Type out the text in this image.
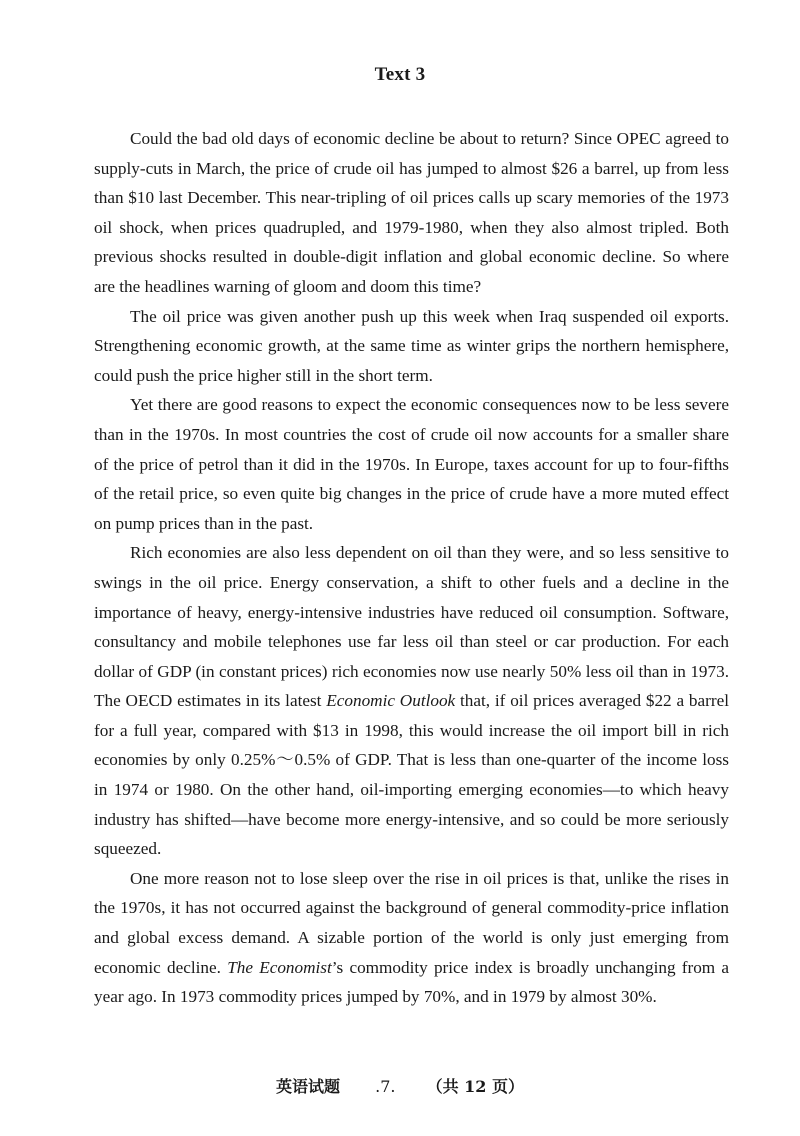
Text 3

Could the bad old days of economic decline be about to return? Since OPEC agreed to supply-cuts in March, the price of crude oil has jumped to almost $26 a barrel, up from less than $10 last December. This near-tripling of oil prices calls up scary memories of the 1973 oil shock, when prices quadrupled, and 1979-1980, when they also almost tripled. Both previous shocks resulted in double-digit inflation and global economic decline. So where are the headlines warning of gloom and doom this time?

The oil price was given another push up this week when Iraq suspended oil exports. Strengthening economic growth, at the same time as winter grips the northern hemisphere, could push the price higher still in the short term.

Yet there are good reasons to expect the economic consequences now to be less severe than in the 1970s. In most countries the cost of crude oil now accounts for a smaller share of the price of petrol than it did in the 1970s. In Europe, taxes account for up to four-fifths of the retail price, so even quite big changes in the price of crude have a more muted effect on pump prices than in the past.

Rich economies are also less dependent on oil than they were, and so less sensitive to swings in the oil price. Energy conservation, a shift to other fuels and a decline in the importance of heavy, energy-intensive industries have reduced oil consumption. Software, consultancy and mobile telephones use far less oil than steel or car production. For each dollar of GDP (in constant prices) rich economies now use nearly 50% less oil than in 1973. The OECD estimates in its latest Economic Outlook that, if oil prices averaged $22 a barrel for a full year, compared with $13 in 1998, this would increase the oil import bill in rich economies by only 0.25%～0.5% of GDP. That is less than one-quarter of the income loss in 1974 or 1980. On the other hand, oil-importing emerging economies—to which heavy industry has shifted—have become more energy-intensive, and so could be more seriously squeezed.

One more reason not to lose sleep over the rise in oil prices is that, unlike the rises in the 1970s, it has not occurred against the background of general commodity-price inflation and global excess demand. A sizable portion of the world is only just emerging from economic decline. The Economist’s commodity price index is broadly unchanging from a year ago. In 1973 commodity prices jumped by 70%, and in 1979 by almost 30%.

英语试题 .7. （共 12 页）
